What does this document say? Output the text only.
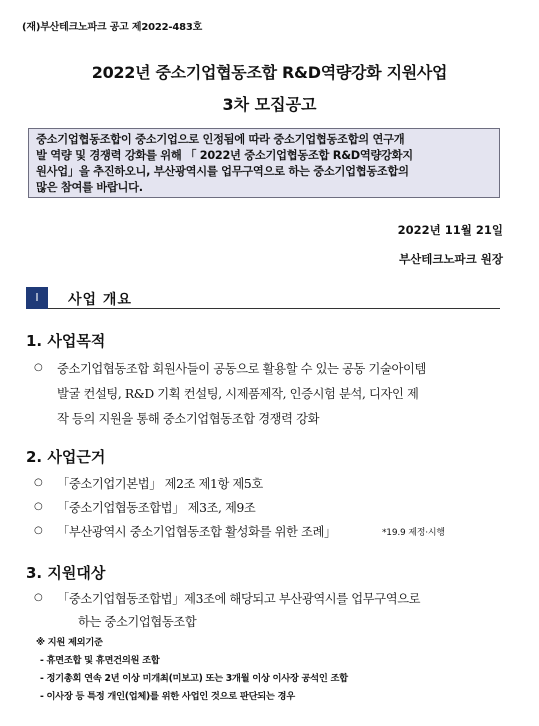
(재)부산테크노파크 공고 제2022-483호
2022년 중소기업협동조합 R&D역량강화 지원사업
3차 모집공고
중소기업협동조합이 중소기업으로 인정됨에 따라 중소기업협동조합의 연구개
발 역량 및 경쟁력 강화를 위해 「 2022년 중소기업협동조합 R&D역량강화지
원사업」을 추진하오니, 부산광역시를 업무구역으로 하는 중소기업협동조합의
많은 참여를 바랍니다.
2022년 11월 21일
부산테크노파크 원장
Ⅰ	사업 개요
1. 사업목적
○ 중소기업협동조합 회원사들이 공동으로 활용할 수 있는 공동 기술아이템
발굴 컨설팅, R&D 기획 컨설팅, 시제품제작, 인증시험 분석, 디자인 제
작 등의 지원을 통해 중소기업협동조합 경쟁력 강화
2. 사업근거
○ 「중소기업기본법」 제2조 제1항 제5호
○ 「중소기업협동조합법」 제3조, 제9조
○ 「부산광역시 중소기업협동조합 활성화를 위한 조례」	*19.9 제정·시행
3. 지원대상
○ 「중소기업협동조합법」제3조에 해당되고 부산광역시를 업무구역으로
하는 중소기업협동조합
※ 지원 제외기준
- 휴면조합 및 휴면건의원 조합
- 정기총회 연속 2년 이상 미개최(미보고) 또는 3개월 이상 이사장 공석인 조합
- 이사장 등 특정 개인(업체)를 위한 사업인 것으로 판단되는 경우
